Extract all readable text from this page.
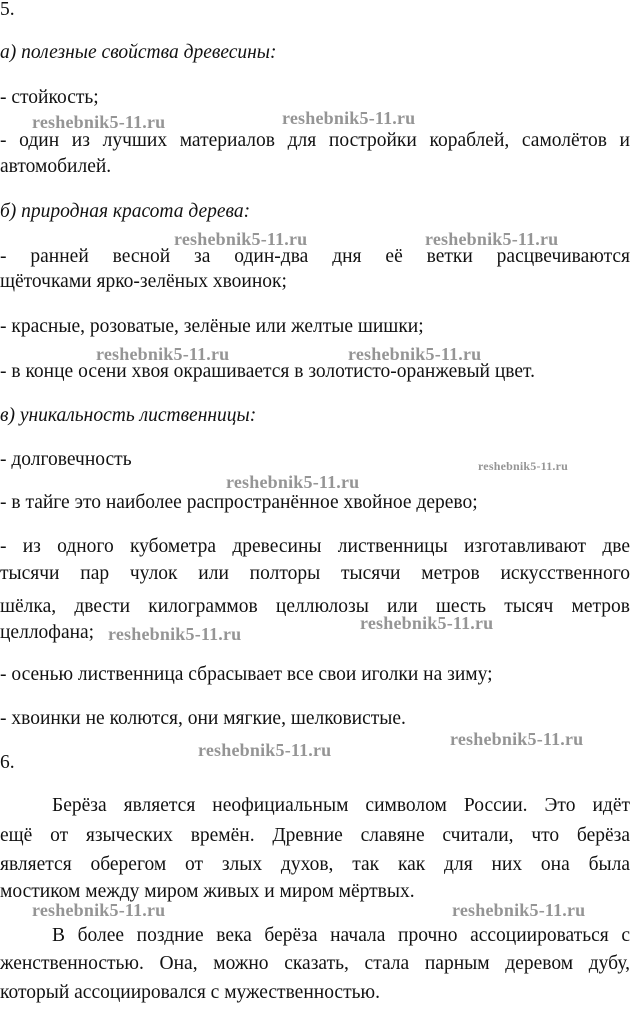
5.
а) полезные свойства древесины:
- стойкость;
- один из лучших материалов для постройки кораблей, самолётов и
автомобилей.
б) природная красота дерева:
- ранней весной за один-два дня её ветки расцвечиваются
щёточками ярко-зелёных хвоинок;
- красные, розоватые, зелёные или желтые шишки;
- в конце осени хвоя окрашивается в золотисто-оранжевый цвет.
в) уникальность лиственницы:
- долговечность
- в тайге это наиболее распространённое хвойное дерево;
- из одного кубометра древесины лиственницы изготавливают две
тысячи пар чулок или полторы тысячи метров искусственного
шёлка, двести килограммов целлюлозы или шесть тысяч метров
целлофана;
- осенью лиственница сбрасывает все свои иголки на зиму;
- хвоинки не колются, они мягкие, шелковистые.
6.
Берёза является неофициальным символом России. Это идёт
ещё от языческих времён. Древние славяне считали, что берёза
является оберегом от злых духов, так как для них она была
мостиком между миром живых и миром мёртвых.
В более поздние века берёза начала прочно ассоциироваться с
женственностью. Она, можно сказать, стала парным деревом дубу,
который ассоциировался с мужественностью.
reshebnik5-11.ru	reshebnik5-11.ru
reshebnik5-11.ru	reshebnik5-11.ru
reshebnik5-11.ru	reshebnik5-11.ru
reshebnik5-11.ru
reshebnik5-11.ru
reshebnik5-11.ru
reshebnik5-11.ru
reshebnik5-11.ru
reshebnik5-11.ru
reshebnik5-11.ru	reshebnik5-11.ru
